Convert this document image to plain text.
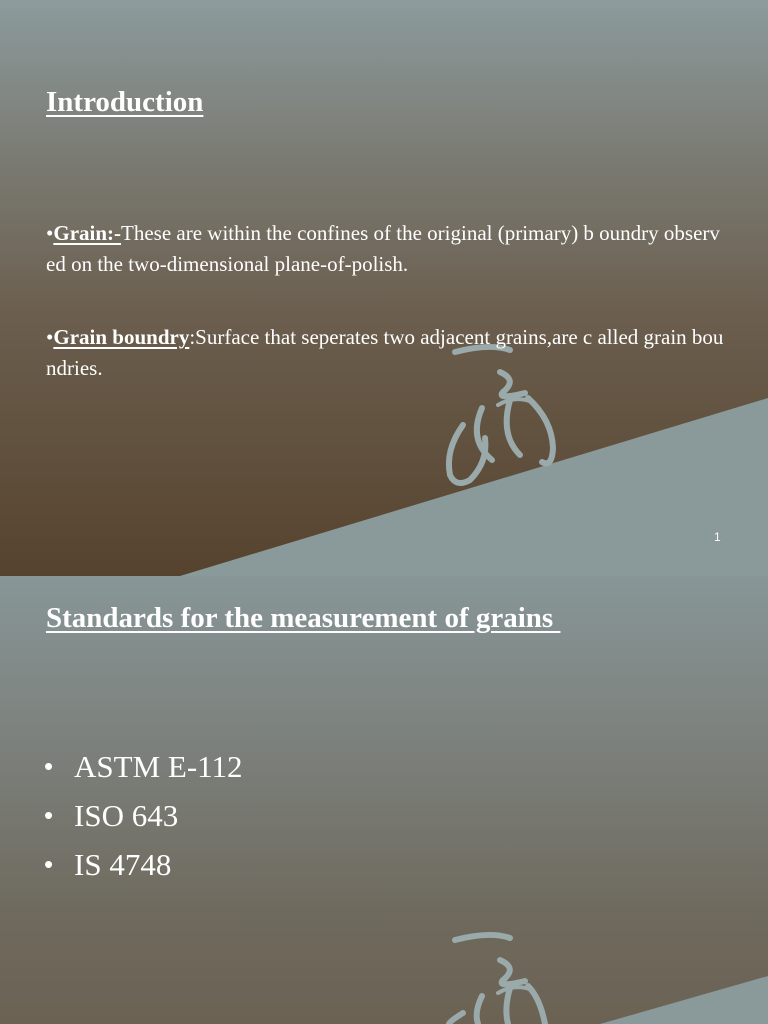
Introduction

•Grain:-These are within the confines of the original (primary) b oundry observed on the two-dimensional plane-of-polish.

•Grain boundry:Surface that seperates two adjacent grains,are c alled grain boundries.

1
Standards for the measurement of grains
• ASTM E-112
• ISO 643
• IS 4748
